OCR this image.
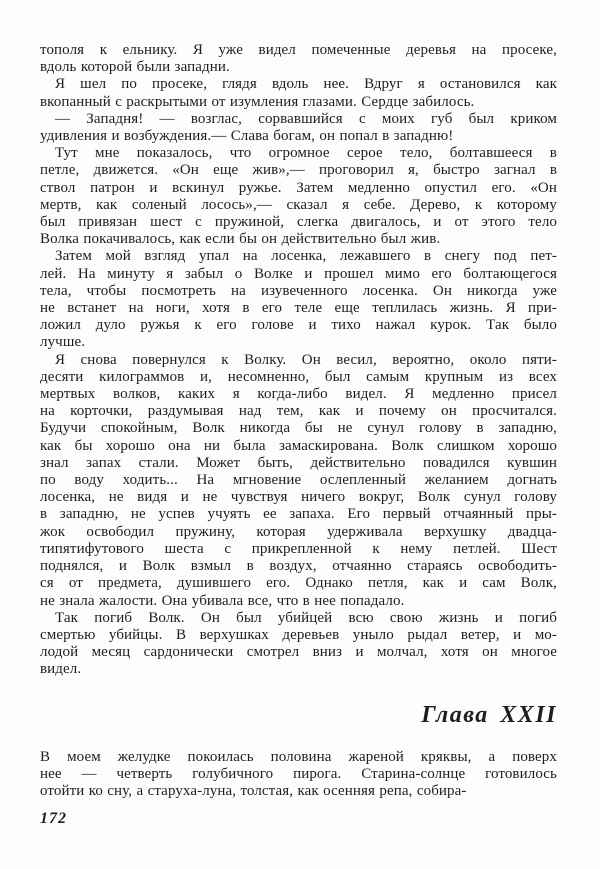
тополя к ельнику. Я уже видел помеченные деревья на просеке,
вдоль которой были западни.
Я шел по просеке, глядя вдоль нее. Вдруг я остановился как
вкопанный с раскрытыми от изумления глазами. Сердце забилось.
— Западня! — возглас, сорвавшийся с моих губ был криком
удивления и возбуждения.— Слава богам, он попал в западню!
Тут мне показалось, что огромное серое тело, болтавшееся в
петле, движется. «Он еще жив»,— проговорил я, быстро загнал в
ствол патрон и вскинул ружье. Затем медленно опустил его. «Он
мертв, как соленый лосось»,— сказал я себе. Дерево, к которому
был привязан шест с пружиной, слегка двигалось, и от этого тело
Волка покачивалось, как если бы он действительно был жив.
Затем мой взгляд упал на лосенка, лежавшего в снегу под пет-
лей. На минуту я забыл о Волке и прошел мимо его болтающегося
тела, чтобы посмотреть на изувеченного лосенка. Он никогда уже
не встанет на ноги, хотя в его теле еще теплилась жизнь. Я при-
ложил дуло ружья к его голове и тихо нажал курок. Так было
лучше.
Я снова повернулся к Волку. Он весил, вероятно, около пяти-
десяти килограммов и, несомненно, был самым крупным из всех
мертвых волков, каких я когда-либо видел. Я медленно присел
на корточки, раздумывая над тем, как и почему он просчитался.
Будучи спокойным, Волк никогда бы не сунул голову в западню,
как бы хорошо она ни была замаскирована. Волк слишком хорошо
знал запах стали. Может быть, действительно повадился кувшин
по воду ходить... На мгновение ослепленный желанием догнать
лосенка, не видя и не чувствуя ничего вокруг, Волк сунул голову
в западню, не успев учуять ее запаха. Его первый отчаянный пры-
жок освободил пружину, которая удерживала верхушку двадца-
типятифутового шеста с прикрепленной к нему петлей. Шест
поднялся, и Волк взмыл в воздух, отчаянно стараясь освободить-
ся от предмета, душившего его. Однако петля, как и сам Волк,
не знала жалости. Она убивала все, что в нее попадало.
Так погиб Волк. Он был убийцей всю свою жизнь и погиб
смертью убийцы. В верхушках деревьев уныло рыдал ветер, и мо-
лодой месяц сардонически смотрел вниз и молчал, хотя он многое
видел.
Глава XXII
В моем желудке покоилась половина жареной кряквы, а поверх
нее — четверть голубичного пирога. Старина-солнце готовилось
отойти ко сну, а старуха-луна, толстая, как осенняя репа, собира-
172
